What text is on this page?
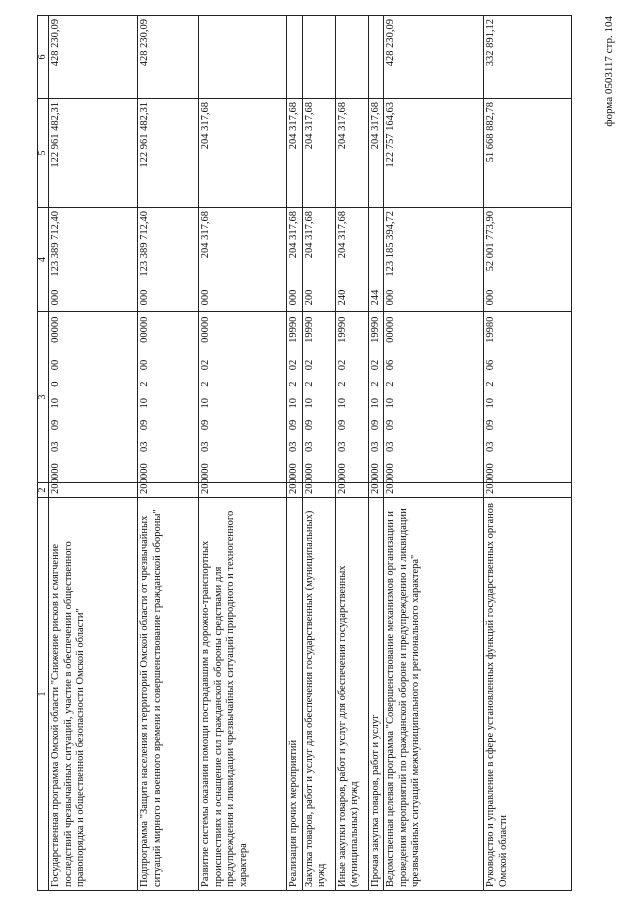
форма 0503117 стр. 104
1	2	3	4	5	6
Государственная программа Омской области "Снижение рисков и смягчение последствий чрезвычайных ситуаций, участие в обеспечении общественного правопорядка и общественной безопасности Омской области"	200	000  03  09  10  0  00   00000  000	123 389 712,40	122 961 482,31	428 230,09
Подпрограмма "Защита населения и территорий Омской области от чрезвычайных ситуаций мирного и военного времени и совершенствование гражданской обороны"	200	000  03  09  10  2  00   00000  000	123 389 712,40	122 961 482,31	428 230,09
Развитие системы оказания помощи пострадавшим в дорожно-транспортных происшествиях и оснащение сил гражданской обороны средствами для предупреждения и ликвидации чрезвычайных ситуаций природного и техногенного характера	200	000  03  09  10  2  02   00000  000	204 317,68	204 317,68	
Реализация прочих мероприятий	200	000  03  09  10  2  02   19990  000	204 317,68	204 317,68	
Закупка товаров, работ и услуг для обеспечения государственных (муниципальных) нужд	200	000  03  09  10  2  02   19990  200	204 317,68	204 317,68	
Иные закупки товаров, работ и услуг для обеспечения государственных (муниципальных) нужд	200	000  03  09  10  2  02   19990  240	204 317,68	204 317,68	
Прочая закупка товаров, работ и услуг	200	000  03  09  10  2  02   19990  244		204 317,68	
Ведомственная целевая программа "Совершенствование механизмов организации и проведения мероприятий по гражданской обороне и предупреждению и ликвидации чрезвычайных ситуаций межмуниципального и регионального характера"	200	000  03  09  10  2  06   00000  000	123 185 394,72	122 757 164,63	428 230,09
Руководство и управление в сфере установленных функций государственных органов Омской области	200	000  03  09  10  2  06   19980  000	52 001 773,90	51 668 882,78	332 891,12
